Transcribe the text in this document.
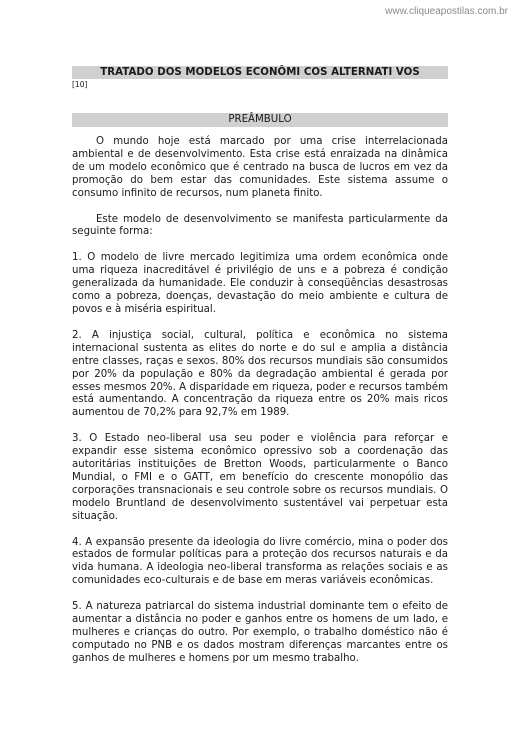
www.cliqueapostilas.com.br
TRATADO DOS MODELOS ECONÔMI COS ALTERNATI VOS
[10]
PREÂMBULO

O mundo hoje está marcado por uma crise interrelacionada ambiental e de desenvolvimento. Esta crise está enraizada na dinâmica de um modelo econômico que é centrado na busca de lucros em vez da promoção do bem estar das comunidades. Este sistema assume o consumo infinito de recursos, num planeta finito.

Este modelo de desenvolvimento se manifesta particularmente da seguinte forma:

1. O modelo de livre mercado legitimiza uma ordem econômica onde uma riqueza inacreditável é privilégio de uns e a pobreza é condição generalizada da humanidade. Ele conduzir à conseqüências desastrosas como a pobreza, doenças, devastação do meio ambiente e cultura de povos e à miséria espiritual.

2. A injustiça social, cultural, política e econômica no sistema internacional sustenta as elites do norte e do sul e amplia a distância entre classes, raças e sexos. 80% dos recursos mundiais são consumidos por 20% da população e 80% da degradação ambiental é gerada por esses mesmos 20%. A disparidade em riqueza, poder e recursos também está aumentando. A concentração da riqueza entre os 20% mais ricos aumentou de 70,2% para 92,7% em 1989.

3. O Estado neo-liberal usa seu poder e violência para reforçar e expandir esse sistema econômico opressivo sob a coordenação das autoritárias instituições de Bretton Woods, particularmente o Banco Mundial, o FMI e o GATT, em benefício do crescente monopólio das corporações transnacionais e seu controle sobre os recursos mundiais. O modelo Bruntland de desenvolvimento sustentável vai perpetuar esta situação.

4. A expansão presente da ideologia do livre comércio, mina o poder dos estados de formular políticas para a proteção dos recursos naturais e da vida humana. A ideologia neo-liberal transforma as relações sociais e as comunidades eco-culturais e de base em meras variáveis econômicas.

5. A natureza patriarcal do sistema industrial dominante tem o efeito de aumentar a distância no poder e ganhos entre os homens de um lado, e mulheres e crianças do outro. Por exemplo, o trabalho doméstico não é computado no PNB e os dados mostram diferenças marcantes entre os ganhos de mulheres e homens por um mesmo trabalho.
